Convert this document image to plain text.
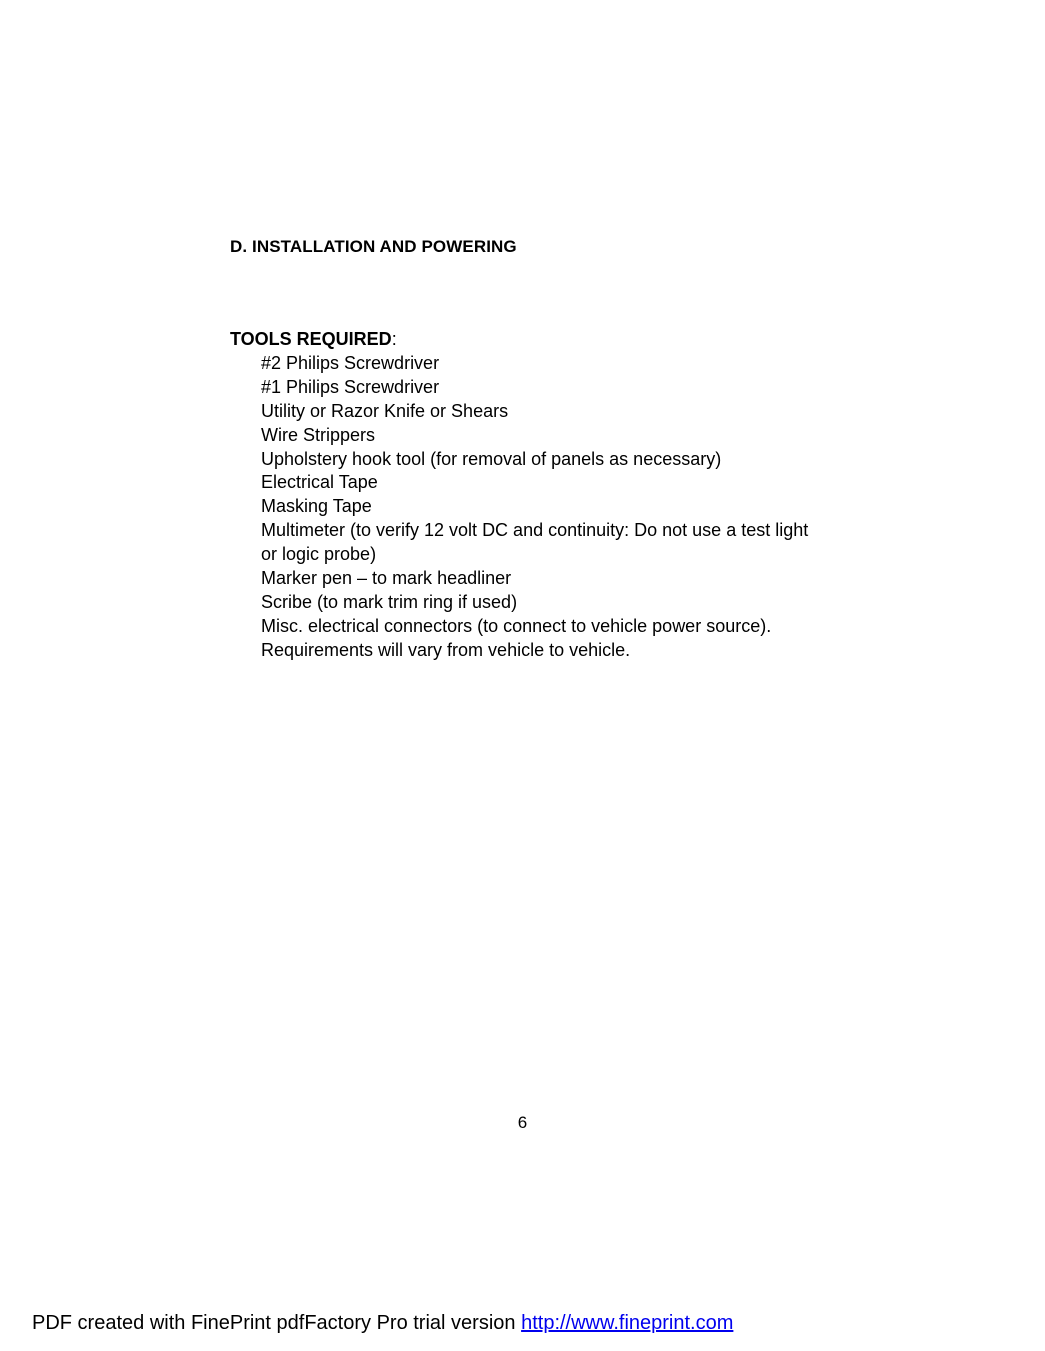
D. INSTALLATION AND POWERING
TOOLS REQUIRED:
#2 Philips Screwdriver
#1 Philips Screwdriver
Utility or Razor Knife or Shears
Wire Strippers
Upholstery hook tool (for removal of panels as necessary)
Electrical Tape
Masking Tape
Multimeter (to verify 12 volt DC and continuity: Do not use a test light
or logic probe)
Marker pen – to mark headliner
Scribe (to mark trim ring if used)
Misc. electrical connectors (to connect to vehicle power source).
Requirements will vary from vehicle to vehicle.
6
PDF created with FinePrint pdfFactory Pro trial version http://www.fineprint.com
